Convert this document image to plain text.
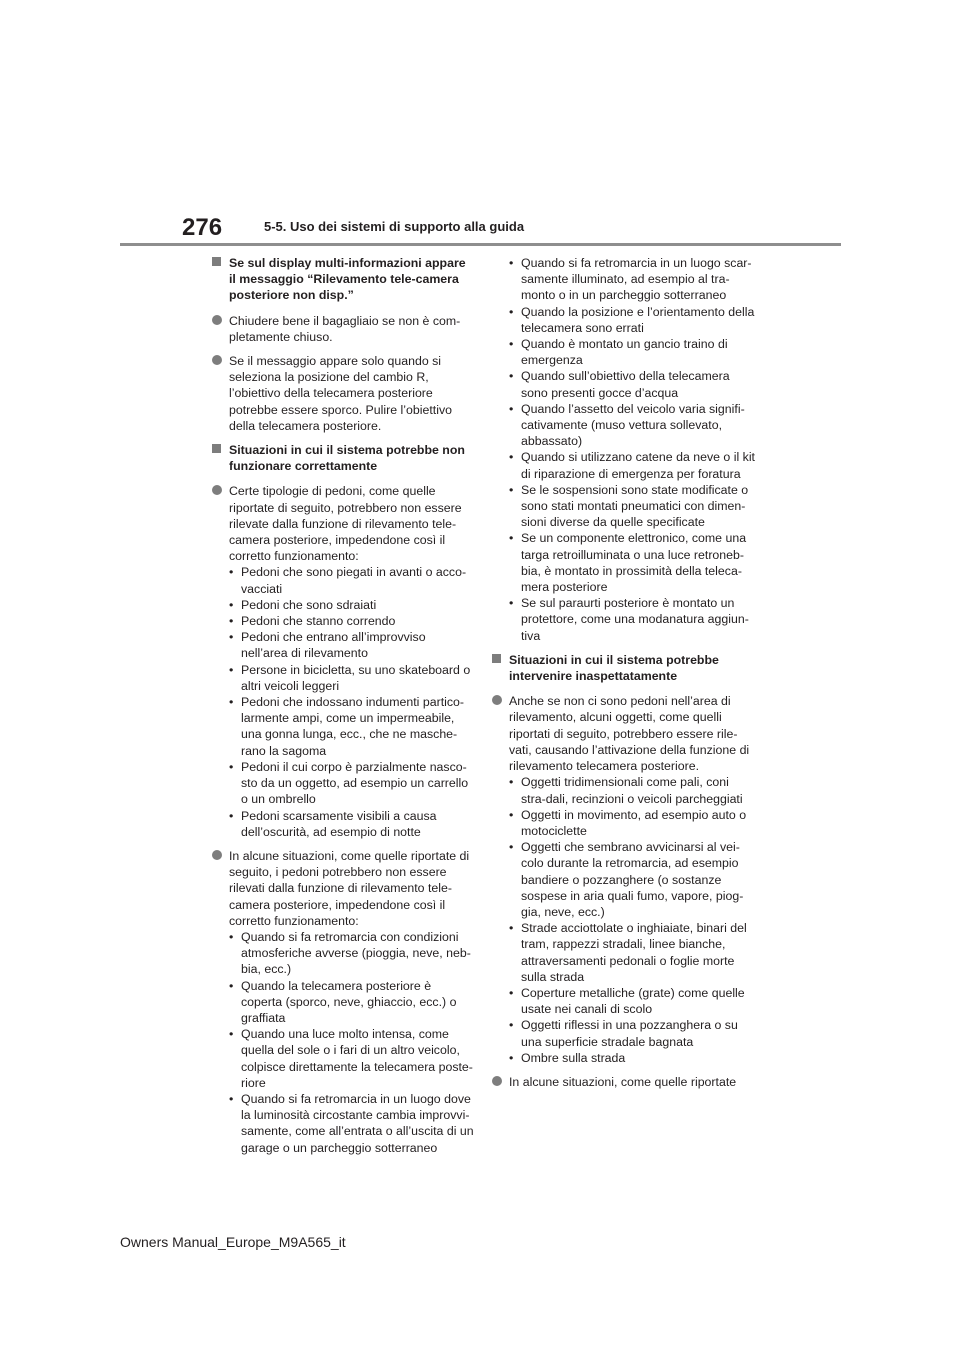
276	5-5. Uso dei sistemi di supporto alla guida

Se sul display multi-informazioni appare il messaggio “Rilevamento tele-camera posteriore non disp.”

Chiudere bene il bagagliaio se non è com-pletamente chiuso.

Se il messaggio appare solo quando si seleziona la posizione del cambio R, l’obiettivo della telecamera posteriore potrebbe essere sporco. Pulire l’obiettivo della telecamera posteriore.

Situazioni in cui il sistema potrebbe non funzionare correttamente

Certe tipologie di pedoni, come quelle riportate di seguito, potrebbero non essere rilevate dalla funzione di rilevamento tele-camera posteriore, impedendone così il corretto funzionamento:

• Pedoni che sono piegati in avanti o acco-vacciati
• Pedoni che sono sdraiati
• Pedoni che stanno correndo
• Pedoni che entrano all’improvviso nell’area di rilevamento
• Persone in bicicletta, su uno skateboard o altri veicoli leggeri
• Pedoni che indossano indumenti partico-larmente ampi, come un impermeabile, una gonna lunga, ecc., che ne masche-rano la sagoma
• Pedoni il cui corpo è parzialmente nasco-sto da un oggetto, ad esempio un carrello o un ombrello
• Pedoni scarsamente visibili a causa dell’oscurità, ad esempio di notte

In alcune situazioni, come quelle riportate di seguito, i pedoni potrebbero non essere rilevati dalla funzione di rilevamento tele-camera posteriore, impedendone così il corretto funzionamento:

• Quando si fa retromarcia con condizioni atmosferiche avverse (pioggia, neve, neb-bia, ecc.)
• Quando la telecamera posteriore è coperta (sporco, neve, ghiaccio, ecc.) o graffiata
• Quando una luce molto intensa, come quella del sole o i fari di un altro veicolo, colpisce direttamente la telecamera poste-riore
• Quando si fa retromarcia in un luogo dove la luminosità circostante cambia improvvi-samente, come all’entrata o all’uscita di un garage o un parcheggio sotterraneo
• Quando si fa retromarcia in un luogo scar-samente illuminato, ad esempio al tra-monto o in un parcheggio sotterraneo
• Quando la posizione e l’orientamento della telecamera sono errati
• Quando è montato un gancio traino di emergenza
• Quando sull’obiettivo della telecamera sono presenti gocce d’acqua
• Quando l’assetto del veicolo varia signifi-cativamente (muso vettura sollevato, abbassato)
• Quando si utilizzano catene da neve o il kit di riparazione di emergenza per foratura
• Se le sospensioni sono state modificate o sono stati montati pneumatici con dimen-sioni diverse da quelle specificate
• Se un componente elettronico, come una targa retroilluminata o una luce retroneb-bia, è montato in prossimità della teleca-mera posteriore
• Se sul paraurti posteriore è montato un protettore, come una modanatura aggiun-tiva

Situazioni in cui il sistema potrebbe intervenire inaspettatamente

Anche se non ci sono pedoni nell’area di rilevamento, alcuni oggetti, come quelli riportati di seguito, potrebbero essere rile-vati, causando l’attivazione della funzione di rilevamento telecamera posteriore.

• Oggetti tridimensionali come pali, coni stra-dali, recinzioni o veicoli parcheggiati
• Oggetti in movimento, ad esempio auto o motociclette
• Oggetti che sembrano avvicinarsi al vei-colo durante la retromarcia, ad esempio bandiere o pozzanghere (o sostanze sospese in aria quali fumo, vapore, piog-gia, neve, ecc.)
• Strade acciottolate o inghiaiate, binari del tram, rappezzi stradali, linee bianche, attraversamenti pedonali o foglie morte sulla strada
• Coperture metalliche (grate) come quelle usate nei canali di scolo
• Oggetti riflessi in una pozzanghera o su una superficie stradale bagnata
• Ombre sulla strada

In alcune situazioni, come quelle riportate

Owners Manual_Europe_M9A565_it
